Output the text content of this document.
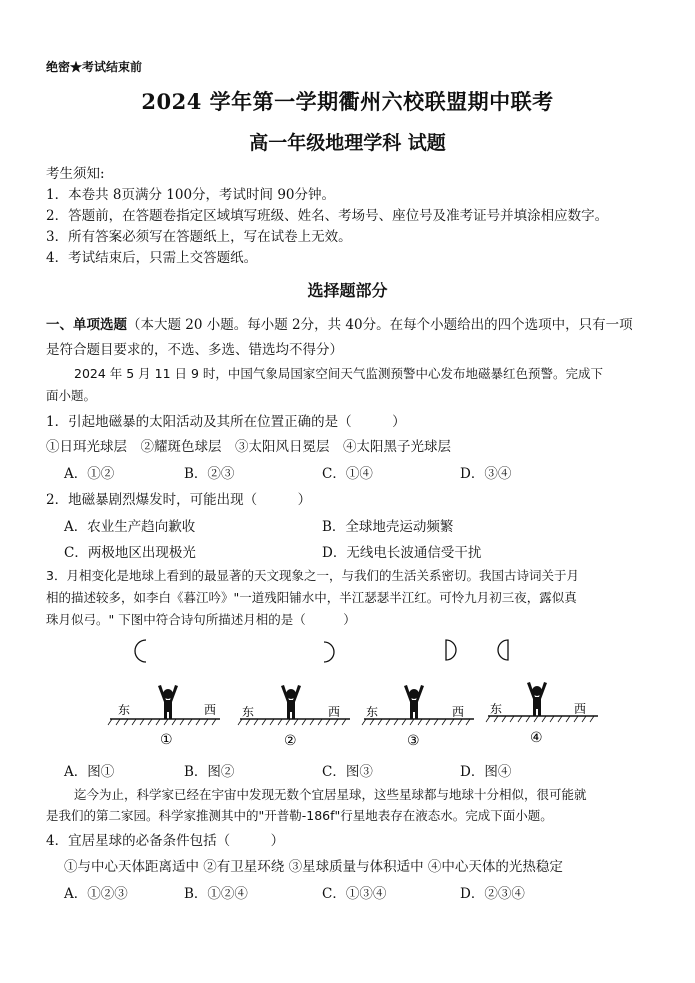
绝密★考试结束前
2024 学年第一学期衢州六校联盟期中联考
高一年级地理学科 试题
考生须知:
1．本卷共 8页满分 100分，考试时间 90分钟。
2．答题前，在答题卷指定区域填写班级、姓名、考场号、座位号及准考证号并填涂相应数字。
3．所有答案必须写在答题纸上，写在试卷上无效。
4．考试结束后，只需上交答题纸。
选择题部分
一、单项选题（本大题 20 小题。每小题 2分，共 40分。在每个小题给出的四个选项中，只有一项
是符合题目要求的，不选、多选、错选均不得分）
2024 年 5 月 11 日 9 时，中国气象局国家空间天气监测预警中心发布地磁暴红色预警。完成下
面小题。
1．引起地磁暴的太阳活动及其所在位置正确的是（　　　）
①日珥光球层　②耀斑色球层　③太阳风日冕层　④太阳黑子光球层
A．①②	B．②③	C．①④	D．③④
2．地磁暴剧烈爆发时，可能出现（　　　）
A．农业生产趋向歉收	B．全球地壳运动频繁
C．两极地区出现极光	D．无线电长波通信受干扰
3．月相变化是地球上看到的最显著的天文现象之一，与我们的生活关系密切。我国古诗词关于月
相的描述较多，如李白《暮江吟》"一道残阳铺水中，半江瑟瑟半江红。可怜九月初三夜，露似真
珠月似弓。" 下图中符合诗句所描述月相的是（　　　）
东	西
①
东	西
②
东	西
③
东	西
④
A．图①	B．图②	C．图③	D．图④
迄今为止，科学家已经在宇宙中发现无数个宜居星球，这些星球都与地球十分相似，很可能就
是我们的第二家园。科学家推测其中的"开普勒-186f"行星地表存在液态水。完成下面小题。
4．宜居星球的必备条件包括（　　　）
①与中心天体距离适中 ②有卫星环绕 ③星球质量与体积适中 ④中心天体的光热稳定
A．①②③	B．①②④	C．①③④	D．②③④
